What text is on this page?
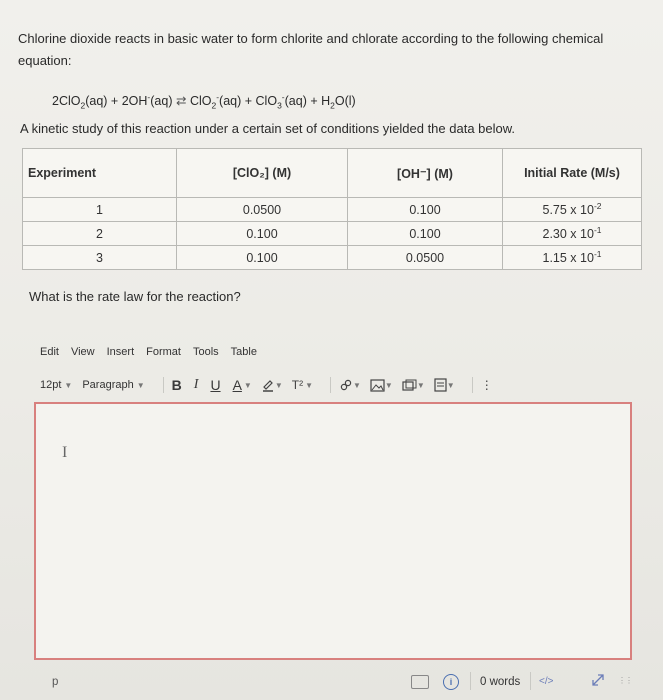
Chlorine dioxide reacts in basic water to form chlorite and chlorate according to the following chemical equation:
2ClO$_2$(aq) + 2OH-(aq) ⇄ $ClO_2^-(aq) + ClO_3^-(aq) + H_2O(l)$
A kinetic study of this reaction under a certain set of conditions yielded the data below.
Experiment	[ClO₂] (M)	[OH⁻] (M)	Initial Rate (M/s)
1	0.0500	0.100	5.75 x $10^{-2}$
2	0.100	0.100	2.30 x $10^{-1}$
3	0.100	0.0500	1.15 x $10^{-1}$
What is the rate law for the reaction?
Edit View Insert Format Tools Table
12pt ▼ Paragraph ▼ B I U A ▼	▼ T² ▼	▼	▼	▼	▼ ⋮
I
p	i	0 words </>	⋮⋮
